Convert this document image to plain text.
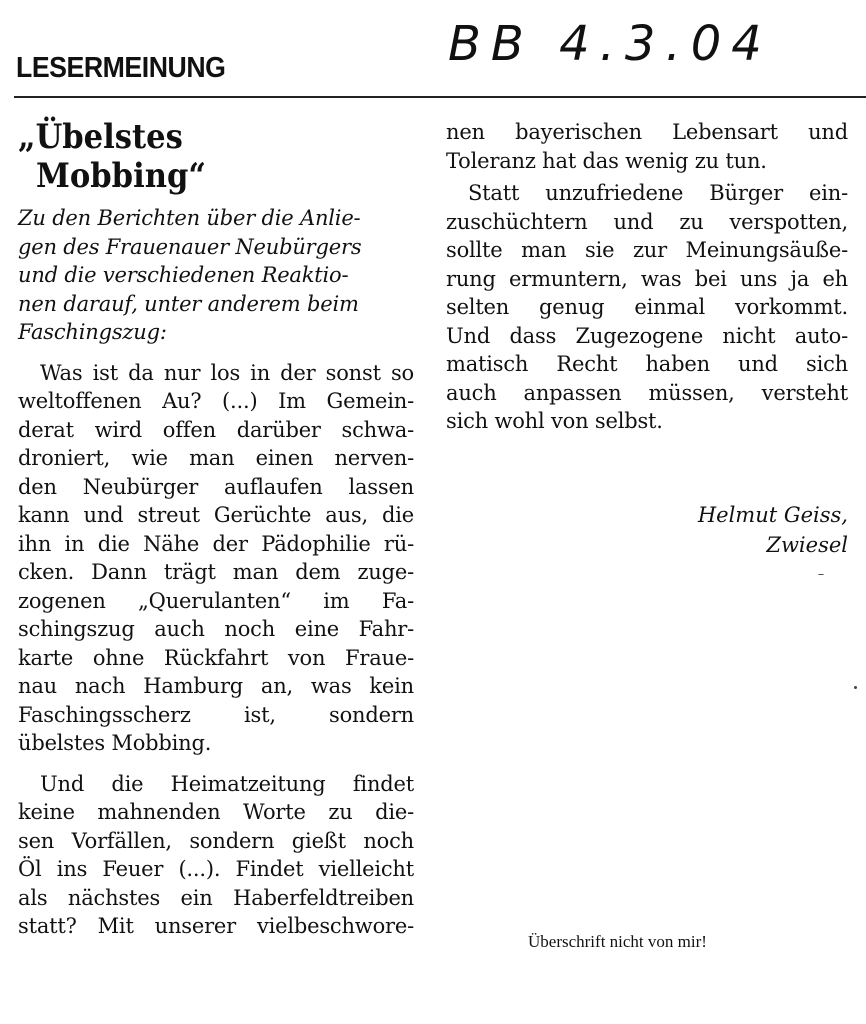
LESERMEINUNG	BB 4.3.04
„Übelstes
Mobbing“
Zu den Berichten über die Anlie-
gen des Frauenauer Neubürgers
und die verschiedenen Reaktio-
nen darauf, unter anderem beim
Faschingszug:
Was ist da nur los in der sonst so
weltoffenen Au? (...) Im Gemein-
derat wird offen darüber schwa-
droniert, wie man einen nerven-
den Neubürger auflaufen lassen
kann und streut Gerüchte aus, die
ihn in die Nähe der Pädophilie rü-
cken. Dann trägt man dem zuge-
zogenen „Querulanten“ im Fa-
schingszug auch noch eine Fahr-
karte ohne Rückfahrt von Fraue-
nau nach Hamburg an, was kein
Faschingsscherz ist, sondern
übelstes Mobbing.
Und die Heimatzeitung findet
keine mahnenden Worte zu die-
sen Vorfällen, sondern gießt noch
Öl ins Feuer (...). Findet vielleicht
als nächstes ein Haberfeldtreiben
statt? Mit unserer vielbeschwore-
nen bayerischen Lebensart und
Toleranz hat das wenig zu tun.
Statt unzufriedene Bürger ein-
zuschüchtern und zu verspotten,
sollte man sie zur Meinungsäuße-
rung ermuntern, was bei uns ja eh
selten genug einmal vorkommt.
Und dass Zugezogene nicht auto-
matisch Recht haben und sich
auch anpassen müssen, versteht
sich wohl von selbst.
Helmut Geiss,
Zwiesel
Überschrift nicht von mir!
